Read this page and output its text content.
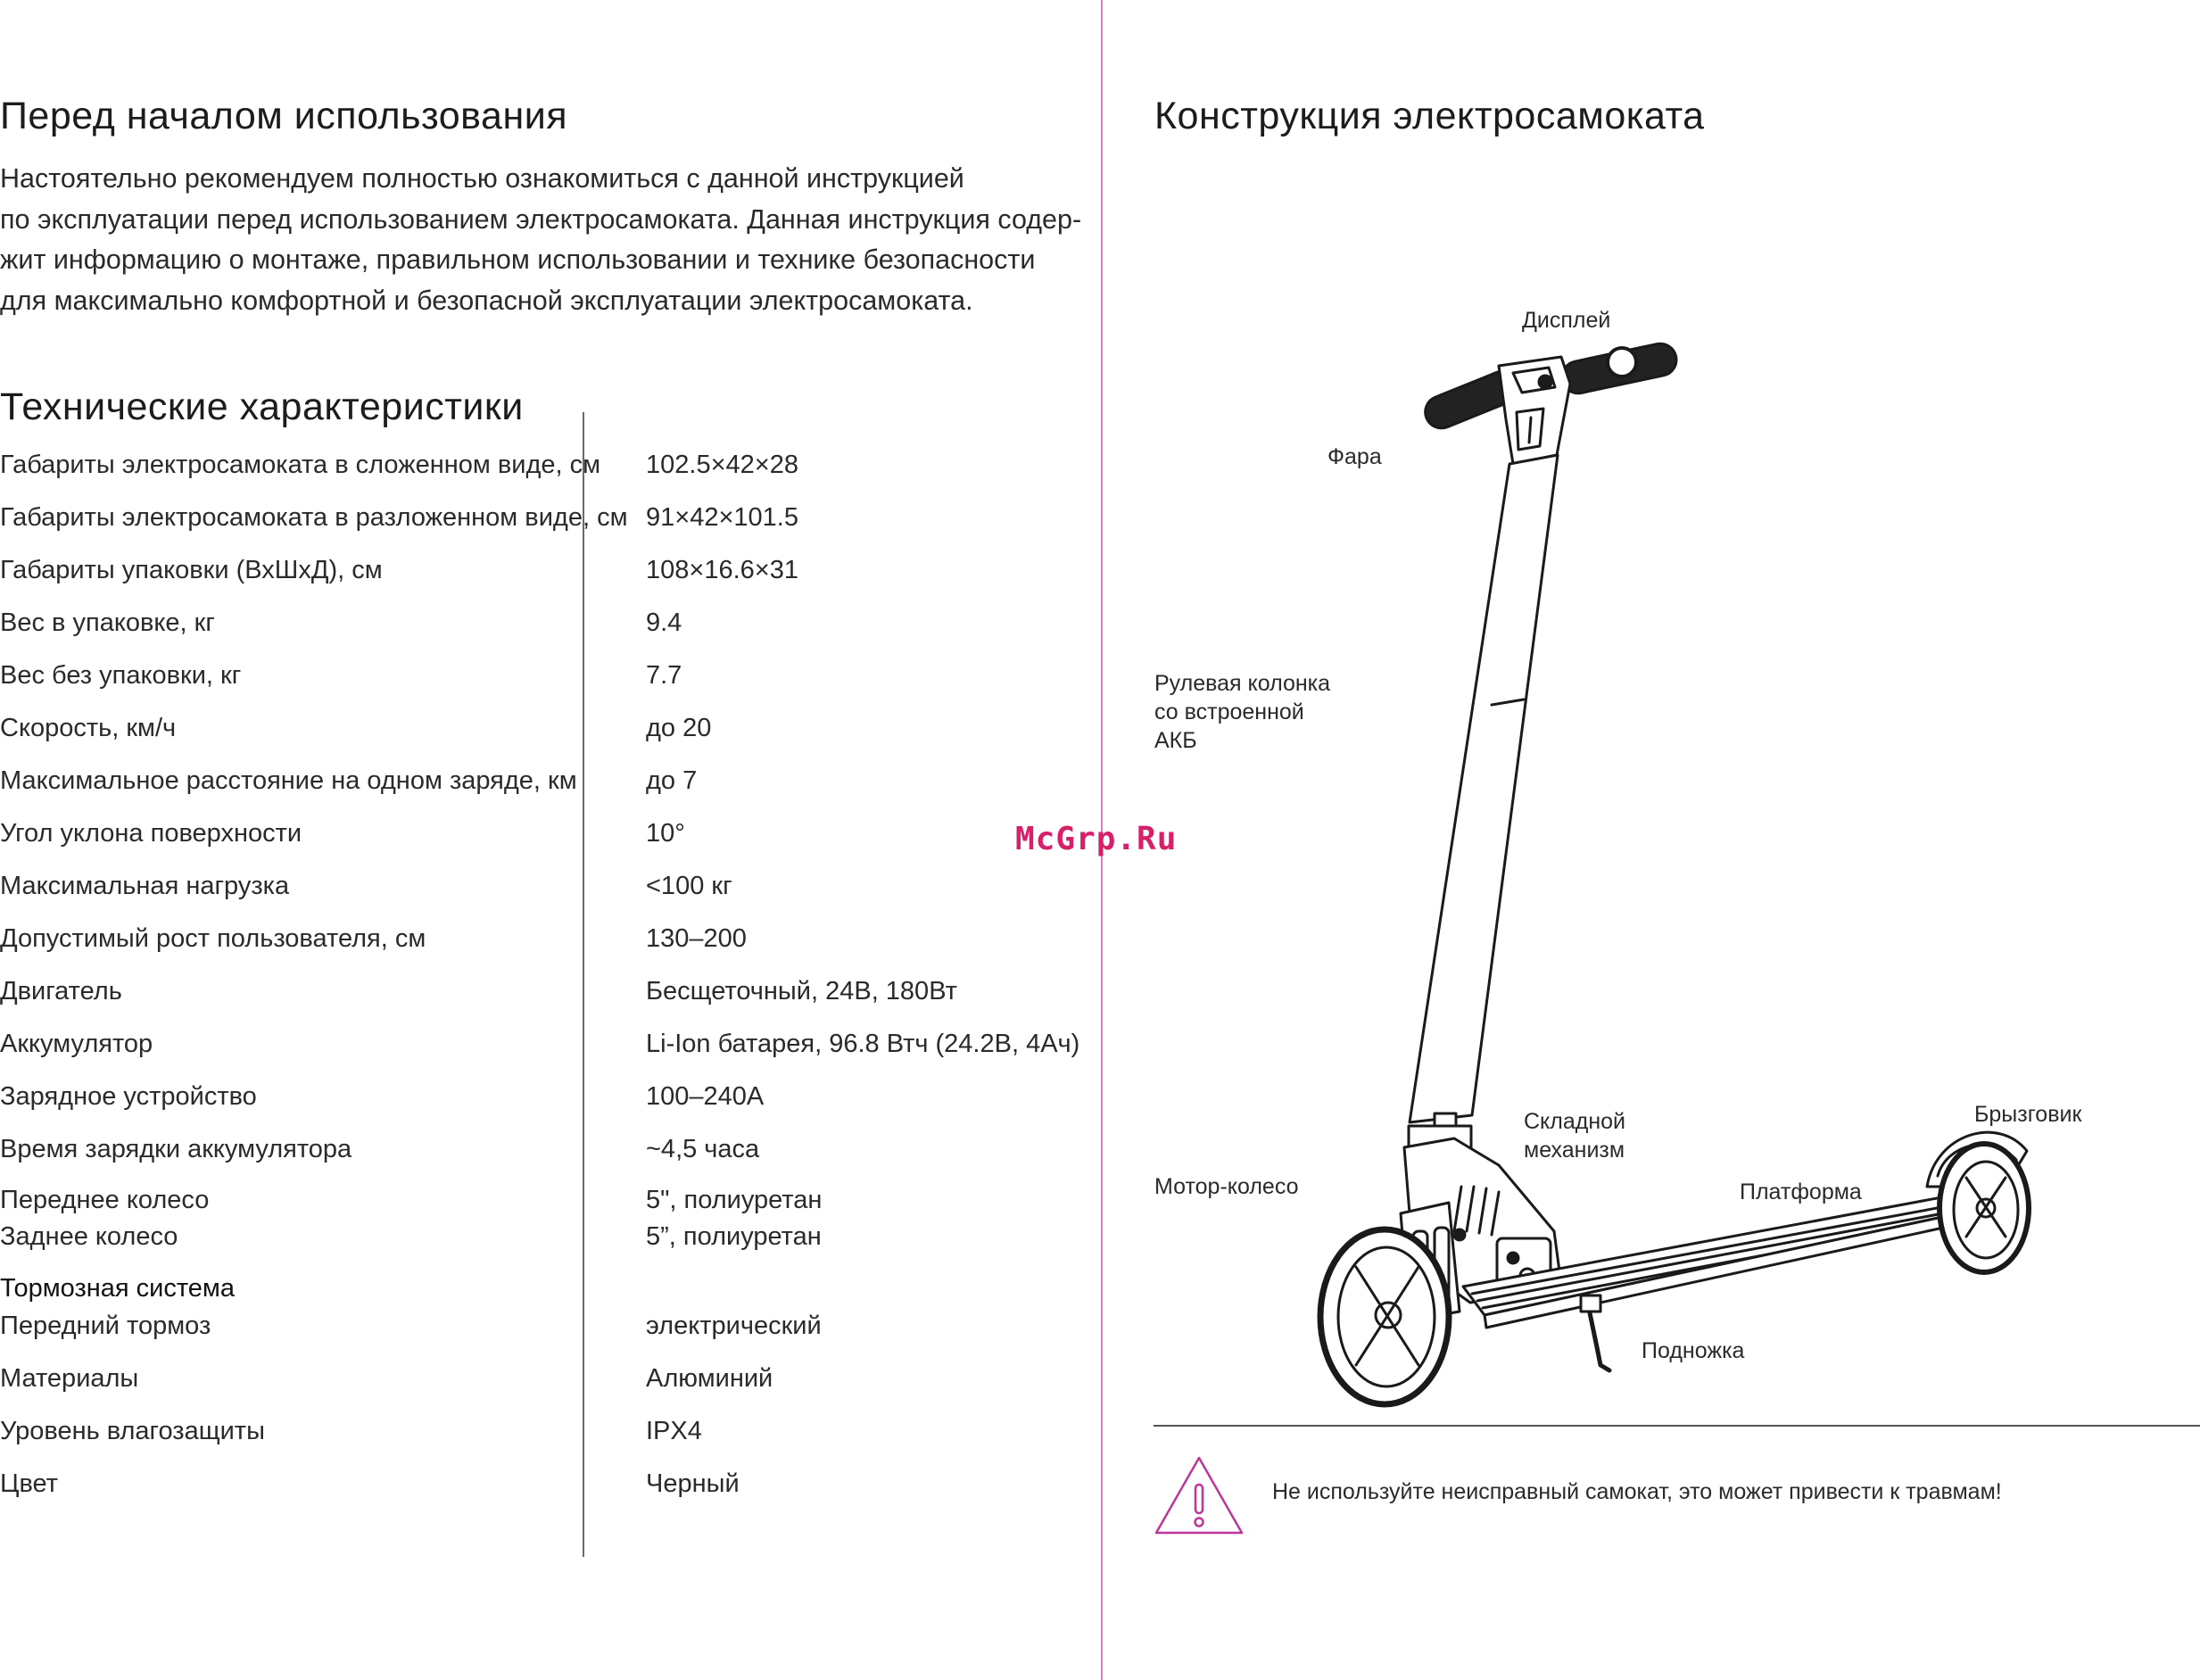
Перед началом использования
Настоятельно рекомендуем полностью ознакомиться с данной инструкцией
по эксплуатации перед использованием электросамоката. Данная инструкция содер-
жит информацию о монтаже, правильном использовании и технике безопасности
для максимально комфортной и безопасной эксплуатации электросамоката.
Технические характеристики
Габариты электросамоката в сложенном виде, см 102.5×42×28
Габариты электросамоката в разложенном виде, см 91×42×101.5
Габариты упаковки (ВхШхД), см	108×16.6×31
Вес в упаковке, кг	9.4
Вес без упаковки, кг	7.7
Скорость, км/ч	до 20
Максимальное расстояние на одном заряде, км	до 7
Угол уклона поверхности	10°
Максимальная нагрузка	<100 кг
Допустимый рост пользователя, см	130–200
Двигатель	Бесщеточный, 24В, 180Вт
Аккумулятор	Li-Ion батарея, 96.8 Втч (24.2В, 4Ач)
Зарядное устройство	100–240А
Время зарядки аккумулятора	~4,5 часа
Переднее колесо	5", полиуретан
Заднее колесо	5”, полиуретан
Тормозная система
Передний тормоз	электрический
Материалы	Алюминий
Уровень влагозащиты	IPX4
Цвет	Черный
Конструкция электросамоката
Дисплей
Фара
Рулевая колонка
со встроенной
АКБ
Складной
механизм
Брызговик
Мотор-колесо	Платформа
Подножка
McGrp.Ru
Не используйте неисправный самокат, это может привести к травмам!
